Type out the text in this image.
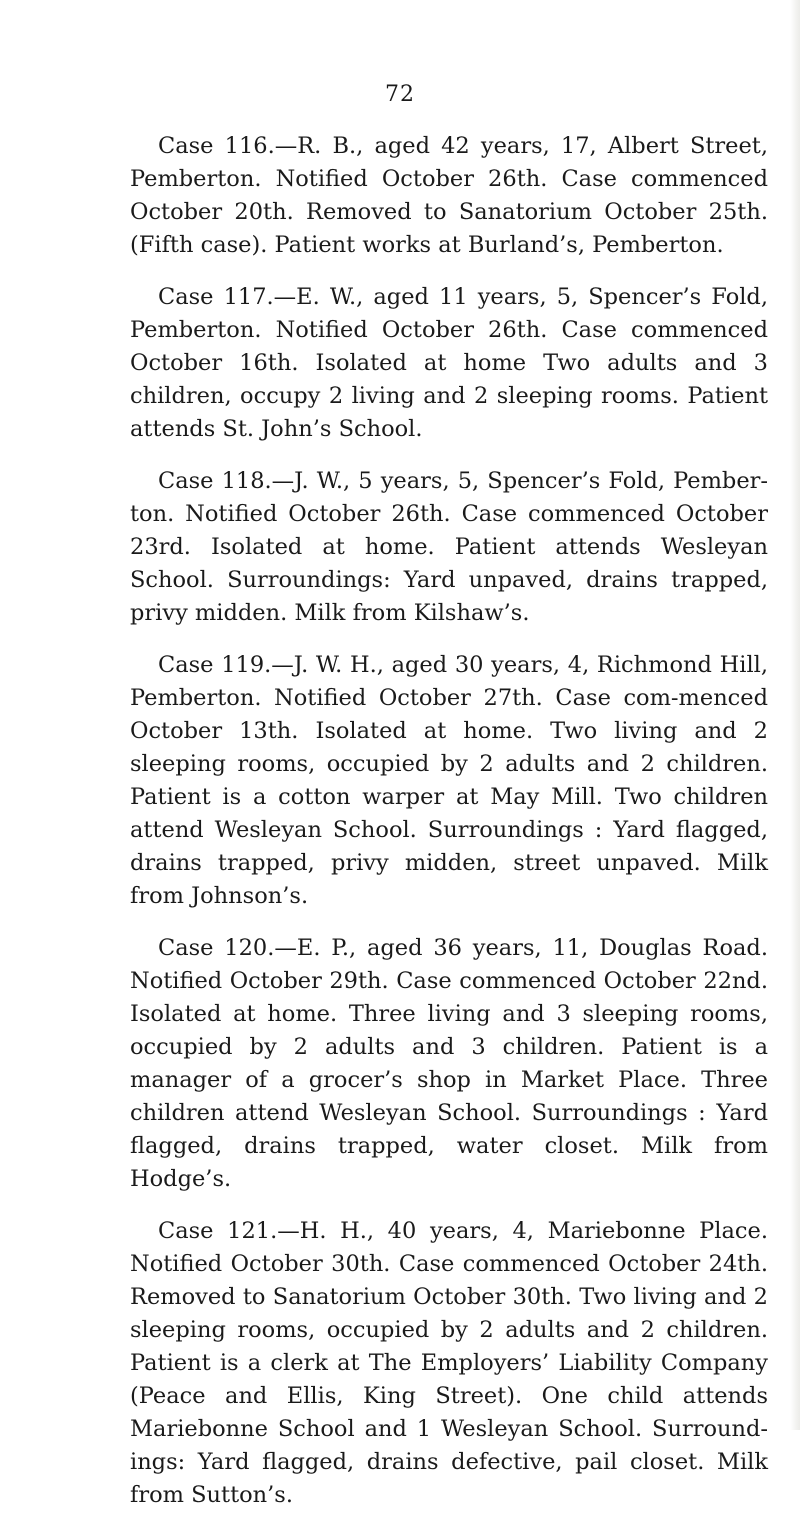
72

Case 116.—R. B., aged 42 years, 17, Albert Street, Pemberton. Notified October 26th. Case commenced October 20th. Removed to Sanatorium October 25th. (Fifth case). Patient works at Burland’s, Pemberton.

Case 117.—E. W., aged 11 years, 5, Spencer’s Fold, Pemberton. Notified October 26th. Case commenced October 16th. Isolated at home Two adults and 3 children, occupy 2 living and 2 sleeping rooms. Patient attends St. John’s School.

Case 118.—J. W., 5 years, 5, Spencer’s Fold, Pember-ton. Notified October 26th. Case commenced October 23rd. Isolated at home. Patient attends Wesleyan School. Surroundings: Yard unpaved, drains trapped, privy midden. Milk from Kilshaw’s.

Case 119.—J. W. H., aged 30 years, 4, Richmond Hill, Pemberton. Notified October 27th. Case com-menced October 13th. Isolated at home. Two living and 2 sleeping rooms, occupied by 2 adults and 2 children. Patient is a cotton warper at May Mill. Two children attend Wesleyan School. Surroundings : Yard flagged, drains trapped, privy midden, street unpaved. Milk from Johnson’s.

Case 120.—E. P., aged 36 years, 11, Douglas Road. Notified October 29th. Case commenced October 22nd. Isolated at home. Three living and 3 sleeping rooms, occupied by 2 adults and 3 children. Patient is a manager of a grocer’s shop in Market Place. Three children attend Wesleyan School. Surroundings : Yard flagged, drains trapped, water closet. Milk from Hodge’s.

Case 121.—H. H., 40 years, 4, Mariebonne Place. Notified October 30th. Case commenced October 24th. Removed to Sanatorium October 30th. Two living and 2 sleeping rooms, occupied by 2 adults and 2 children. Patient is a clerk at The Employers’ Liability Company (Peace and Ellis, King Street). One child attends Mariebonne School and 1 Wesleyan School. Surround-ings: Yard flagged, drains defective, pail closet. Milk from Sutton’s.
